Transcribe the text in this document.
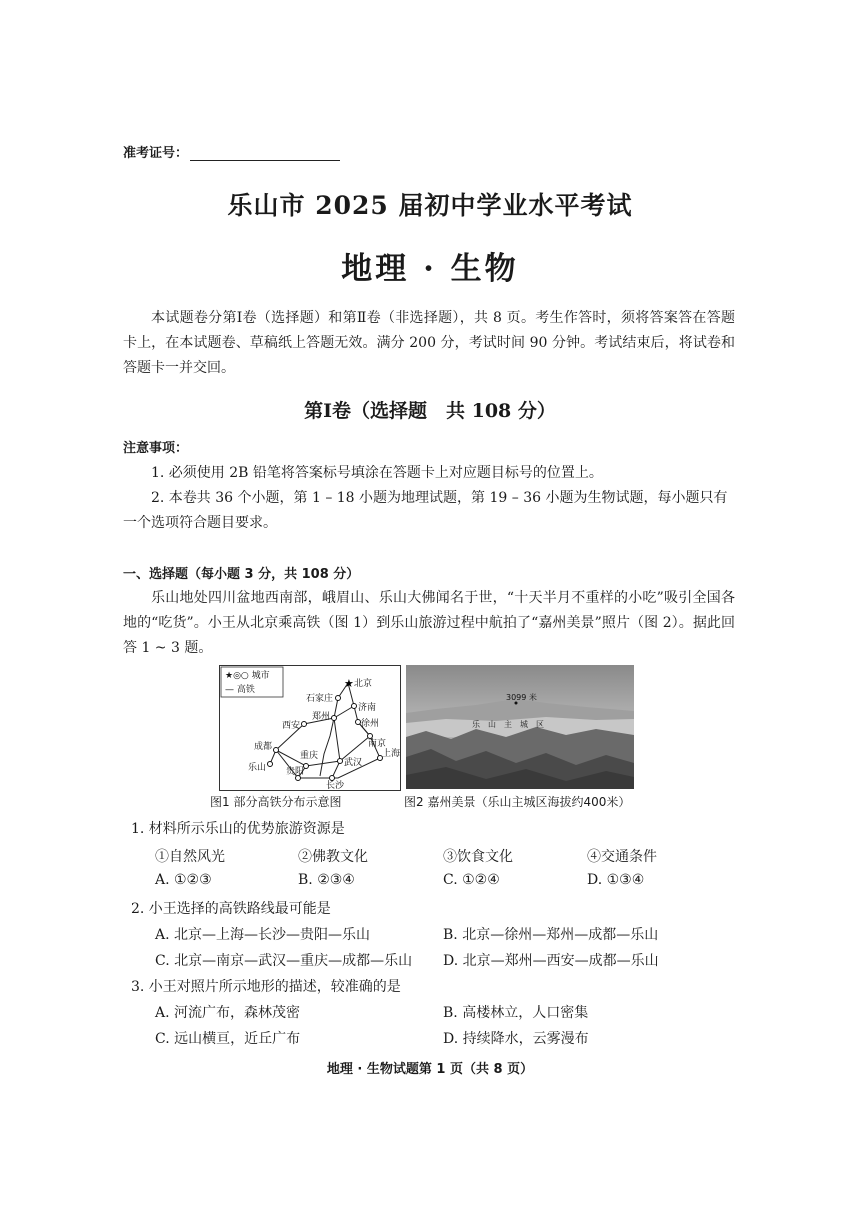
准考证号：
乐山市 2025 届初中学业水平考试
地理 · 生物
本试题卷分第Ⅰ卷（选择题）和第Ⅱ卷（非选择题），共 8 页。考生作答时，须将答案答在答题卡上，在本试题卷、草稿纸上答题无效。满分 200 分，考试时间 90 分钟。考试结束后，将试卷和答题卡一并交回。
第Ⅰ卷（选择题　共 108 分）
注意事项：
1. 必须使用 2B 铅笔将答案标号填涂在答题卡上对应题目标号的位置上。
2. 本卷共 36 个小题，第 1 – 18 小题为地理试题，第 19 – 36 小题为生物试题，每小题只有一个选项符合题目要求。
一、选择题（每小题 3 分，共 108 分）
乐山地处四川盆地西南部，峨眉山、乐山大佛闻名于世，“十天半月不重样的小吃”吸引全国各地的“吃货”。小王从北京乘高铁（图 1）到乐山旅游过程中航拍了“嘉州美景”照片（图 2）。据此回答 1 ~ 3 题。
★◎○ 城市
— 高铁	★ 北京
石家庄
济南
郑州
徐州
西安
南京
成都
重庆
武汉
上海
乐山 贵阳
长沙
3099 米
乐　山　主　城　区
图1 部分高铁分布示意图	图2 嘉州美景（乐山主城区海拔约400米）
1. 材料所示乐山的优势旅游资源是
①自然风光	②佛教文化	③饮食文化	④交通条件
A. ①②③	B. ②③④	C. ①②④	D. ①③④
2. 小王选择的高铁路线最可能是
A. 北京—上海—长沙—贵阳—乐山	B. 北京—徐州—郑州—成都—乐山
C. 北京—南京—武汉—重庆—成都—乐山 D. 北京—郑州—西安—成都—乐山
3. 小王对照片所示地形的描述，较准确的是
A. 河流广布，森林茂密	B. 高楼林立，人口密集
C. 远山横亘，近丘广布	D. 持续降水，云雾漫布
地理 · 生物试题第 1 页（共 8 页）
